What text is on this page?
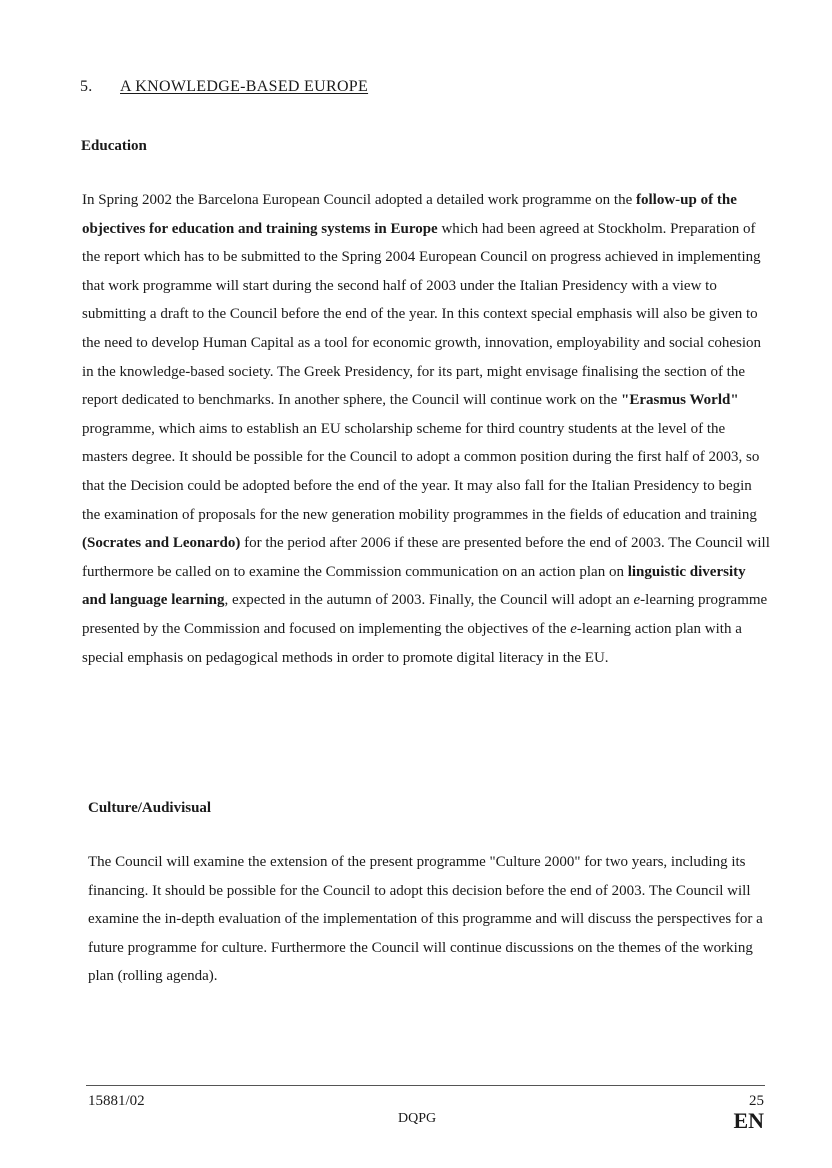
5. A KNOWLEDGE-BASED EUROPE
Education

In Spring 2002 the Barcelona European Council adopted a detailed work programme on the follow-up of the objectives for education and training systems in Europe which had been agreed at Stockholm. Preparation of the report which has to be submitted to the Spring 2004 European Council on progress achieved in implementing that work programme will start during the second half of 2003 under the Italian Presidency with a view to submitting a draft to the Council before the end of the year. In this context special emphasis will also be given to the need to develop Human Capital as a tool for economic growth, innovation, employability and social cohesion in the knowledge-based society. The Greek Presidency, for its part, might envisage finalising the section of the report dedicated to benchmarks. In another sphere, the Council will continue work on the "Erasmus World" programme, which aims to establish an EU scholarship scheme for third country students at the level of the masters degree. It should be possible for the Council to adopt a common position during the first half of 2003, so that the Decision could be adopted before the end of the year. It may also fall for the Italian Presidency to begin the examination of proposals for the new generation mobility programmes in the fields of education and training (Socrates and Leonardo) for the period after 2006 if these are presented before the end of 2003. The Council will furthermore be called on to examine the Commission communication on an action plan on linguistic diversity and language learning, expected in the autumn of 2003. Finally, the Council will adopt an e-learning programme presented by the Commission and focused on implementing the objectives of the e-learning action plan with a special emphasis on pedagogical methods in order to promote digital literacy in the EU.

Culture/Audivisual

The Council will examine the extension of the present programme "Culture 2000" for two years, including its financing. It should be possible for the Council to adopt this decision before the end of 2003. The Council will examine the in-depth evaluation of the implementation of this programme and will discuss the perspectives for a future programme for culture. Furthermore the Council will continue discussions on the themes of the working plan (rolling agenda).

15881/02	25
DQPG	EN
